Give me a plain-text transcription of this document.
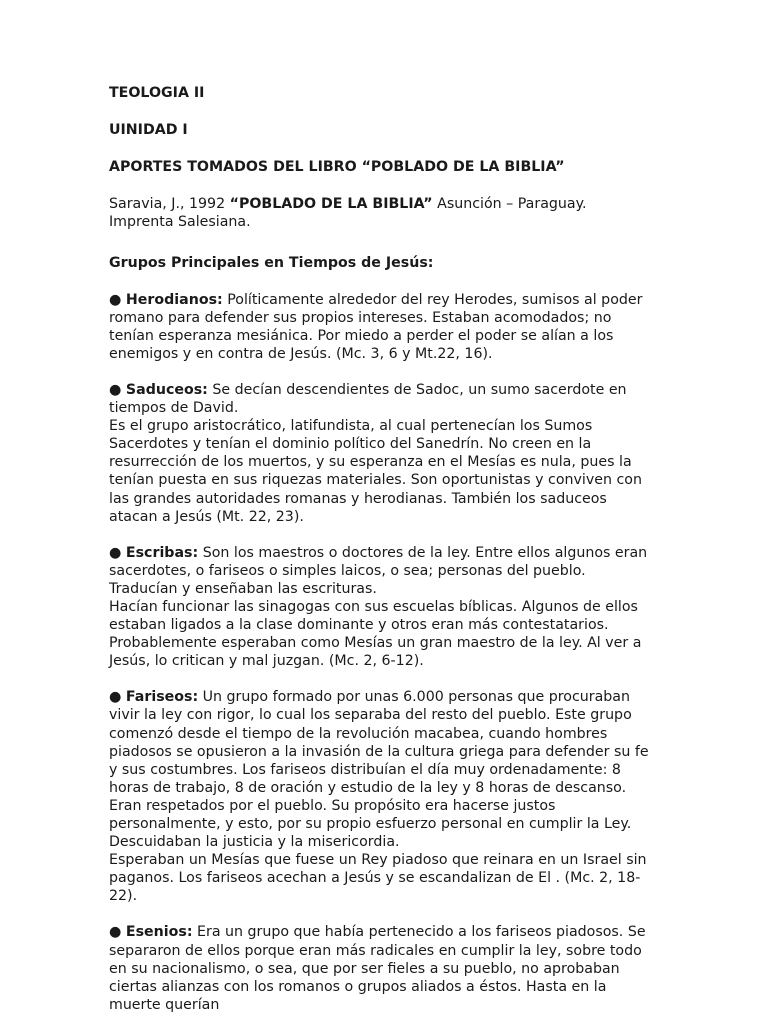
TEOLOGIA II
UINIDAD I
APORTES TOMADOS DEL LIBRO “POBLADO DE LA BIBLIA”

Saravia, J., 1992 “POBLADO DE LA BIBLIA” Asunción – Paraguay. Imprenta Salesiana.

Grupos Principales en Tiempos de Jesús:

● Herodianos: Políticamente alrededor del rey Herodes, sumisos al poder romano para defender sus propios intereses. Estaban acomodados; no tenían esperanza mesiánica. Por miedo a perder el poder se alían a los enemigos y en contra de Jesús. (Mc. 3, 6 y Mt.22, 16).

● Saduceos: Se decían descendientes de Sadoc, un sumo sacerdote en tiempos de David.

Es el grupo aristocrático, latifundista, al cual pertenecían los Sumos Sacerdotes y tenían el dominio político del Sanedrín. No creen en la resurrección de los muertos, y su esperanza en el Mesías es nula, pues la tenían puesta en sus riquezas materiales. Son oportunistas y conviven con las grandes autoridades romanas y herodianas. También los saduceos atacan a Jesús (Mt. 22, 23).

● Escribas: Son los maestros o doctores de la ley. Entre ellos algunos eran sacerdotes, o fariseos o simples laicos, o sea; personas del pueblo. Traducían y enseñaban las escrituras.

Hacían funcionar las sinagogas con sus escuelas bíblicas. Algunos de ellos estaban ligados a la clase dominante y otros eran más contestatarios. Probablemente esperaban como Mesías un gran maestro de la ley. Al ver a Jesús, lo critican y mal juzgan. (Mc. 2, 6-12).

● Fariseos: Un grupo formado por unas 6.000 personas que procuraban vivir la ley con rigor, lo cual los separaba del resto del pueblo. Este grupo comenzó desde el tiempo de la revolución macabea, cuando hombres piadosos se opusieron a la invasión de la cultura griega para defender su fe y sus costumbres. Los fariseos distribuían el día muy ordenadamente: 8 horas de trabajo, 8 de oración y estudio de la ley y 8 horas de descanso.

Eran respetados por el pueblo. Su propósito era hacerse justos personalmente, y esto, por su propio esfuerzo personal en cumplir la Ley. Descuidaban la justicia y la misericordia.

Esperaban un Mesías que fuese un Rey piadoso que reinara en un Israel sin paganos. Los fariseos acechan a Jesús y se escandalizan de El . (Mc. 2, 18-22).

● Esenios: Era un grupo que había pertenecido a los fariseos piadosos. Se separaron de ellos porque eran más radicales en cumplir la ley, sobre todo en su nacionalismo, o sea, que por ser fieles a su pueblo, no aprobaban ciertas alianzas con los romanos o grupos aliados a éstos. Hasta en la muerte querían
